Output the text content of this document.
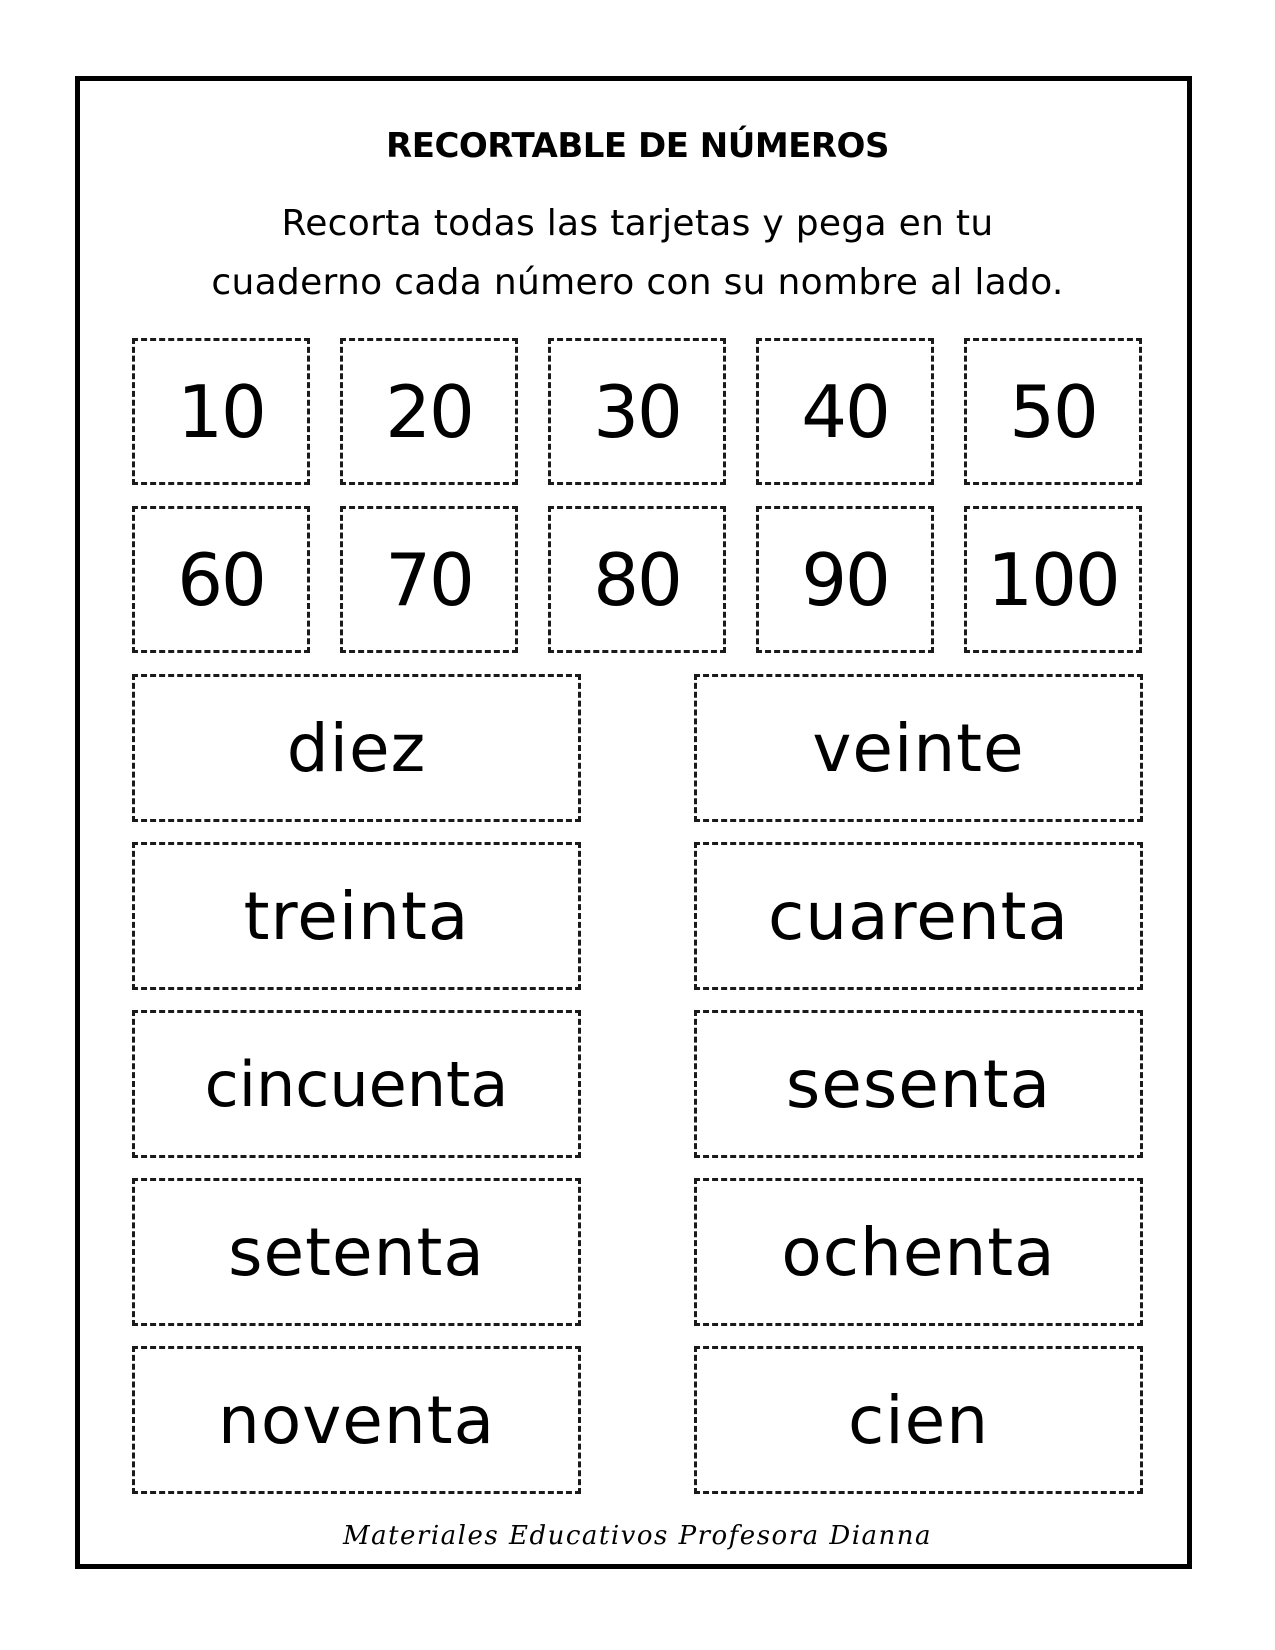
RECORTABLE DE NÚMEROS
Recorta todas las tarjetas y pega en tu
cuaderno cada número con su nombre al lado.
10	20	30	40	50
60	70	80	90	100
diez	veinte
treinta	cuarenta
cincuenta	sesenta
setenta	ochenta
noventa	cien
Materiales Educativos Profesora Dianna
